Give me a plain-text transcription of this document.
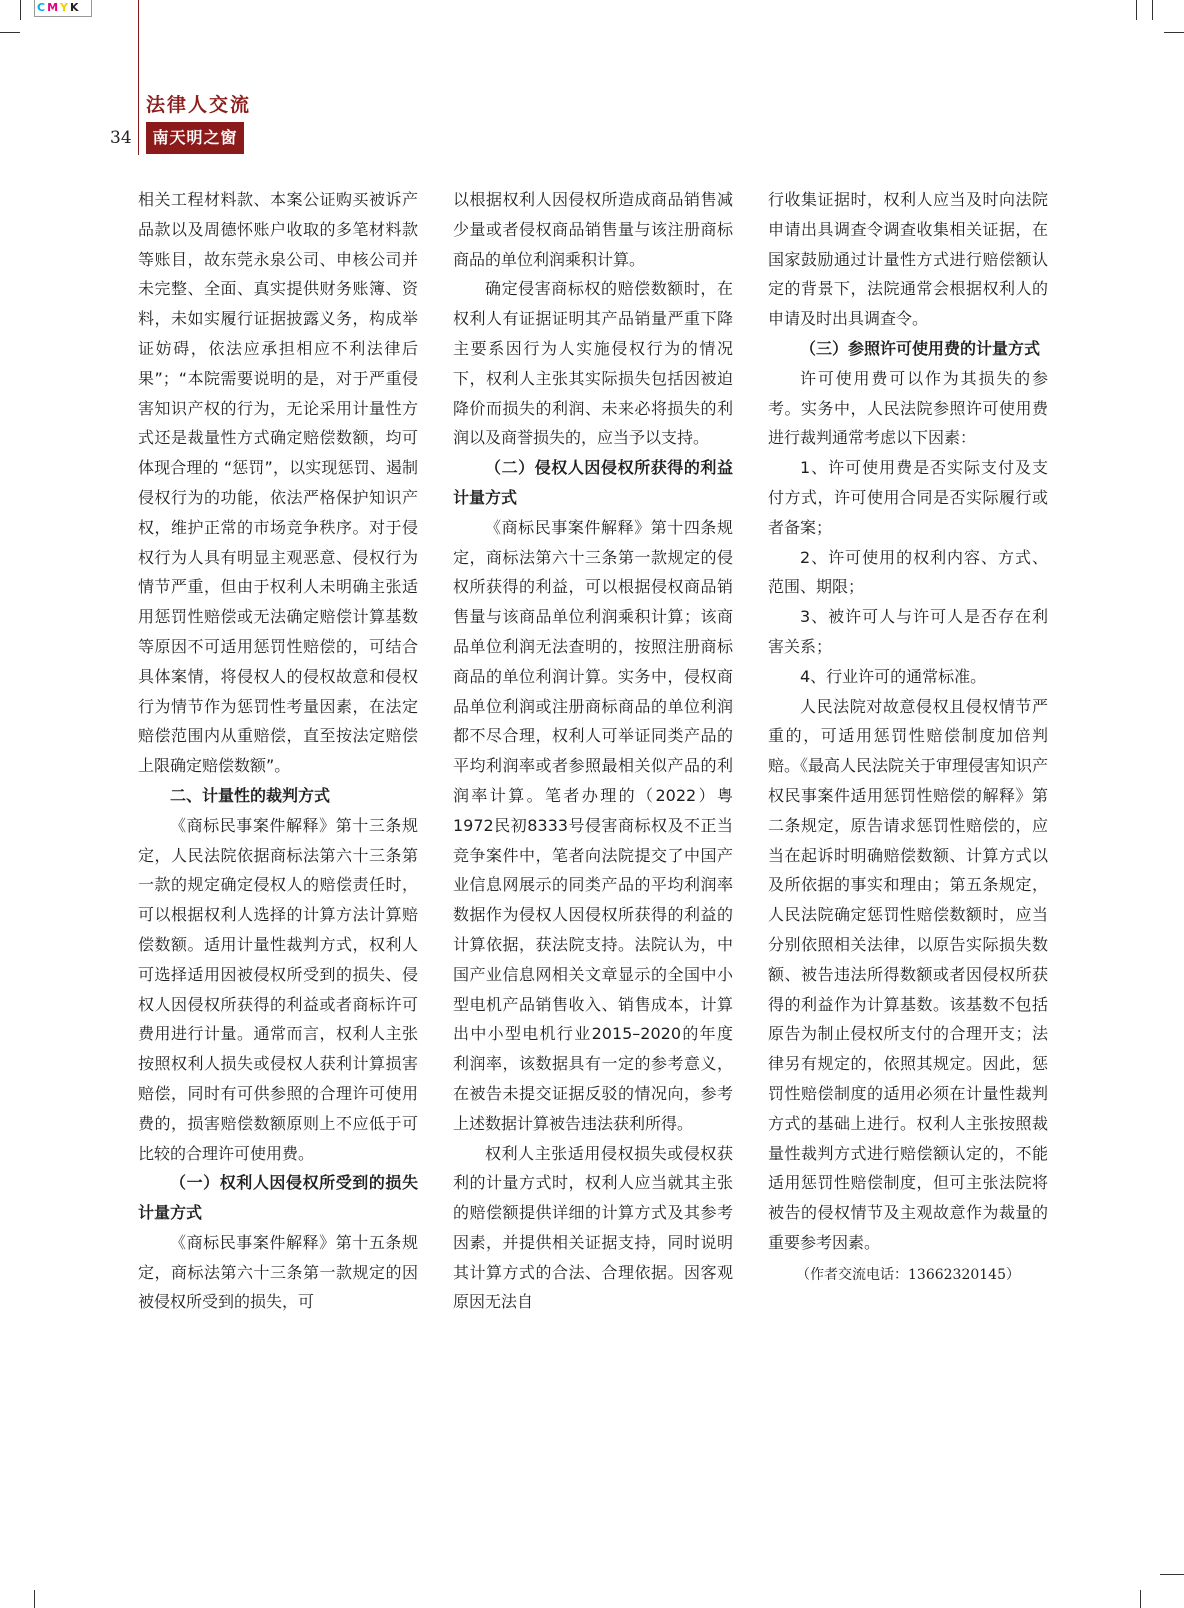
CMYK
法律人交流
34	南天明之窗

相关工程材料款、本案公证购买被诉产品款以及周德怀账户收取的多笔材料款等账目，故东莞永泉公司、申核公司并未完整、全面、真实提供财务账簿、资料，未如实履行证据披露义务，构成举证妨碍，依法应承担相应不利法律后果”；“本院需要说明的是，对于严重侵害知识产权的行为，无论采用计量性方式还是裁量性方式确定赔偿数额，均可体现合理的 “惩罚”，以实现惩罚、遏制侵权行为的功能，依法严格保护知识产权，维护正常的市场竞争秩序。对于侵权行为人具有明显主观恶意、侵权行为情节严重，但由于权利人未明确主张适用惩罚性赔偿或无法确定赔偿计算基数等原因不可适用惩罚性赔偿的，可结合具体案情，将侵权人的侵权故意和侵权行为情节作为惩罚性考量因素，在法定赔偿范围内从重赔偿，直至按法定赔偿上限确定赔偿数额”。

二、计量性的裁判方式

《商标民事案件解释》第十三条规定，人民法院依据商标法第六十三条第一款的规定确定侵权人的赔偿责任时，可以根据权利人选择的计算方法计算赔偿数额。适用计量性裁判方式，权利人可选择适用因被侵权所受到的损失、侵权人因侵权所获得的利益或者商标许可费用进行计量。通常而言，权利人主张按照权利人损失或侵权人获利计算损害赔偿，同时有可供参照的合理许可使用费的，损害赔偿数额原则上不应低于可比较的合理许可使用费。

（一）权利人因侵权所受到的损失计量方式

《商标民事案件解释》第十五条规定，商标法第六十三条第一款规定的因被侵权所受到的损失，可

以根据权利人因侵权所造成商品销售减少量或者侵权商品销售量与该注册商标商品的单位利润乘积计算。

确定侵害商标权的赔偿数额时，在权利人有证据证明其产品销量严重下降主要系因行为人实施侵权行为的情况下，权利人主张其实际损失包括因被迫降价而损失的利润、未来必将损失的利润以及商誉损失的，应当予以支持。

（二）侵权人因侵权所获得的利益计量方式

《商标民事案件解释》第十四条规定，商标法第六十三条第一款规定的侵权所获得的利益，可以根据侵权商品销售量与该商品单位利润乘积计算；该商品单位利润无法查明的，按照注册商标商品的单位利润计算。实务中，侵权商品单位利润或注册商标商品的单位利润都不尽合理，权利人可举证同类产品的平均利润率或者参照最相关似产品的利润率计算。笔者办理的（2022）粤1972民初8333号侵害商标权及不正当竞争案件中，笔者向法院提交了中国产业信息网展示的同类产品的平均利润率数据作为侵权人因侵权所获得的利益的计算依据，获法院支持。法院认为，中国产业信息网相关文章显示的全国中小型电机产品销售收入、销售成本，计算出中小型电机行业2015–2020的年度利润率，该数据具有一定的参考意义，在被告未提交证据反驳的情况向，参考上述数据计算被告违法获利所得。

权利人主张适用侵权损失或侵权获利的计量方式时，权利人应当就其主张的赔偿额提供详细的计算方式及其参考因素，并提供相关证据支持，同时说明其计算方式的合法、合理依据。因客观原因无法自

行收集证据时，权利人应当及时向法院申请出具调查令调查收集相关证据，在国家鼓励通过计量性方式进行赔偿额认定的背景下，法院通常会根据权利人的申请及时出具调查令。

（三）参照许可使用费的计量方式

许可使用费可以作为其损失的参考。实务中，人民法院参照许可使用费进行裁判通常考虑以下因素：

1、许可使用费是否实际支付及支付方式，许可使用合同是否实际履行或者备案；

2、许可使用的权利内容、方式、范围、期限；

3、被许可人与许可人是否存在利害关系；

4、行业许可的通常标准。

人民法院对故意侵权且侵权情节严重的，可适用惩罚性赔偿制度加倍判赔。《最高人民法院关于审理侵害知识产权民事案件适用惩罚性赔偿的解释》第二条规定，原告请求惩罚性赔偿的，应当在起诉时明确赔偿数额、计算方式以及所依据的事实和理由；第五条规定，人民法院确定惩罚性赔偿数额时，应当分别依照相关法律，以原告实际损失数额、被告违法所得数额或者因侵权所获得的利益作为计算基数。该基数不包括原告为制止侵权所支付的合理开支；法律另有规定的，依照其规定。因此，惩罚性赔偿制度的适用必须在计量性裁判方式的基础上进行。权利人主张按照裁量性裁判方式进行赔偿额认定的，不能适用惩罚性赔偿制度，但可主张法院将被告的侵权情节及主观故意作为裁量的重要参考因素。

（作者交流电话：13662320145）
